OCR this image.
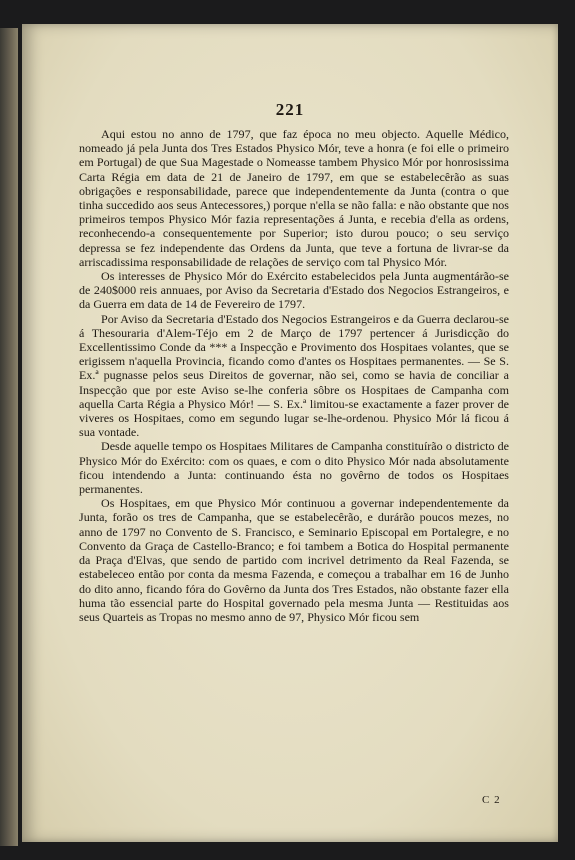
221

Aqui estou no anno de 1797, que faz época no meu objecto. Aquelle Médico, nomeado já pela Junta dos Tres Estados Physico Mór, teve a honra (e foi elle o primeiro em Portugal) de que Sua Magestade o Nomeasse tambem Physico Mór por honrosissima Carta Régia em data de 21 de Janeiro de 1797, em que se estabelecêrão as suas obrigações e responsabilidade, parece que independentemente da Junta (contra o que tinha succedido aos seus Antecessores,) porque n'ella se não falla: e não obstante que nos primeiros tempos Physico Mór fazia representações á Junta, e recebia d'ella as ordens, reconhecendo-a consequentemente por Superior; isto durou pouco; o seu serviço depressa se fez independente das Ordens da Junta, que teve a fortuna de livrar-se da arriscadissima responsabilidade de relações de serviço com tal Physico Mór.

Os interesses de Physico Mór do Exército estabelecidos pela Junta augmentárão-se de 240$000 reis annuaes, por Aviso da Secretaria d'Estado dos Negocios Estrangeiros, e da Guerra em data de 14 de Fevereiro de 1797.

Por Aviso da Secretaria d'Estado dos Negocios Estrangeiros e da Guerra declarou-se á Thesouraria d'Alem-Téjo em 2 de Março de 1797 pertencer á Jurisdicção do Excellentissimo Conde da *** a Inspecção e Provimento dos Hospitaes volantes, que se erigissem n'aquella Provincia, ficando como d'antes os Hospitaes permanentes. — Se S. Ex.ª pugnasse pelos seus Direitos de governar, não sei, como se havia de conciliar a Inspecção que por este Aviso se-lhe conferia sôbre os Hospitaes de Campanha com aquella Carta Régia a Physico Mór! — S. Ex.ª limitou-se exactamente a fazer prover de viveres os Hospitaes, como em segundo lugar se-lhe-ordenou. Physico Mór lá ficou á sua vontade.

Desde aquelle tempo os Hospitaes Militares de Campanha constituírão o districto de Physico Mór do Exército: com os quaes, e com o dito Physico Mór nada absolutamente ficou intendendo a Junta: continuando ésta no govêrno de todos os Hospitaes permanentes.

Os Hospitaes, em que Physico Mór continuou a governar independentemente da Junta, forão os tres de Campanha, que se estabelecêrão, e durárão poucos mezes, no anno de 1797 no Convento de S. Francisco, e Seminario Episcopal em Portalegre, e no Convento da Graça de Castello-Branco; e foi tambem a Botica do Hospital permanente da Praça d'Elvas, que sendo de partido com incrivel detrimento da Real Fazenda, se estabeleceo então por conta da mesma Fazenda, e começou a trabalhar em 16 de Junho do dito anno, ficando fóra do Govêrno da Junta dos Tres Estados, não obstante fazer ella huma tão essencial parte do Hospital governado pela mesma Junta — Restituidas aos seus Quarteis as Tropas no mesmo anno de 97, Physico Mór ficou sem

C 2
